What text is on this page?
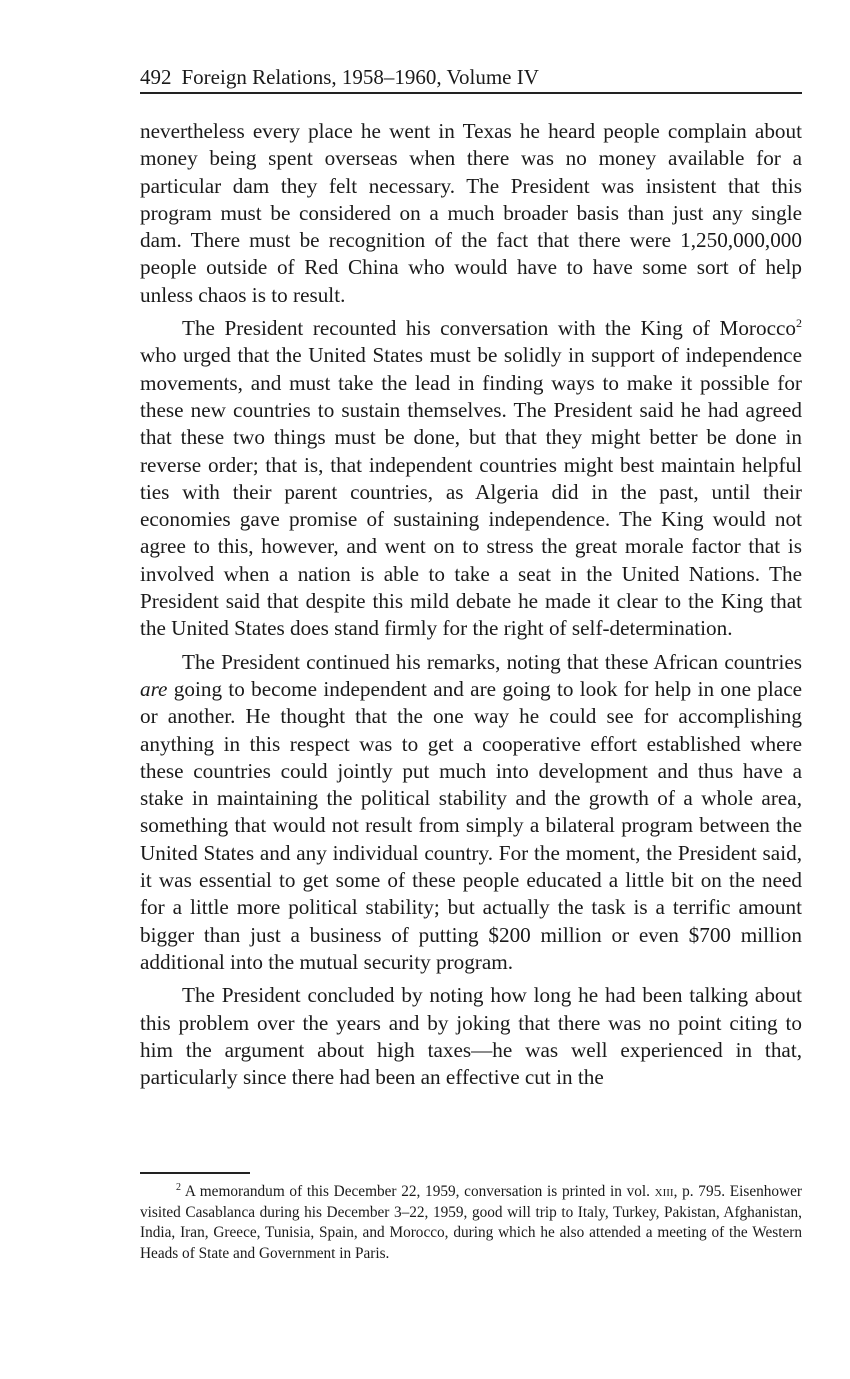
492 Foreign Relations, 1958–1960, Volume IV

nevertheless every place he went in Texas he heard people complain about money being spent overseas when there was no money available for a particular dam they felt necessary. The President was insistent that this program must be considered on a much broader basis than just any single dam. There must be recognition of the fact that there were 1,250,000,000 people outside of Red China who would have to have some sort of help unless chaos is to result.

The President recounted his conversation with the King of Morocco$^2$ who urged that the United States must be solidly in support of independence movements, and must take the lead in finding ways to make it possible for these new countries to sustain themselves. The President said he had agreed that these two things must be done, but that they might better be done in reverse order; that is, that independent countries might best maintain helpful ties with their parent countries, as Algeria did in the past, until their economies gave promise of sustaining independence. The King would not agree to this, however, and went on to stress the great morale factor that is involved when a nation is able to take a seat in the United Nations. The President said that despite this mild debate he made it clear to the King that the United States does stand firmly for the right of self-determination.

The President continued his remarks, noting that these African countries are going to become independent and are going to look for help in one place or another. He thought that the one way he could see for accomplishing anything in this respect was to get a cooperative effort established where these countries could jointly put much into development and thus have a stake in maintaining the political stability and the growth of a whole area, something that would not result from simply a bilateral program between the United States and any individual country. For the moment, the President said, it was essential to get some of these people educated a little bit on the need for a little more political stability; but actually the task is a terrific amount bigger than just a business of putting $200 million or even $700 million additional into the mutual security program.

The President concluded by noting how long he had been talking about this problem over the years and by joking that there was no point citing to him the argument about high taxes—he was well experienced in that, particularly since there had been an effective cut in the

$^2$ A memorandum of this December 22, 1959, conversation is printed in vol. xiii, p. 795. Eisenhower visited Casablanca during his December 3–22, 1959, good will trip to Italy, Turkey, Pakistan, Afghanistan, India, Iran, Greece, Tunisia, Spain, and Morocco, during which he also attended a meeting of the Western Heads of State and Government in Paris.
